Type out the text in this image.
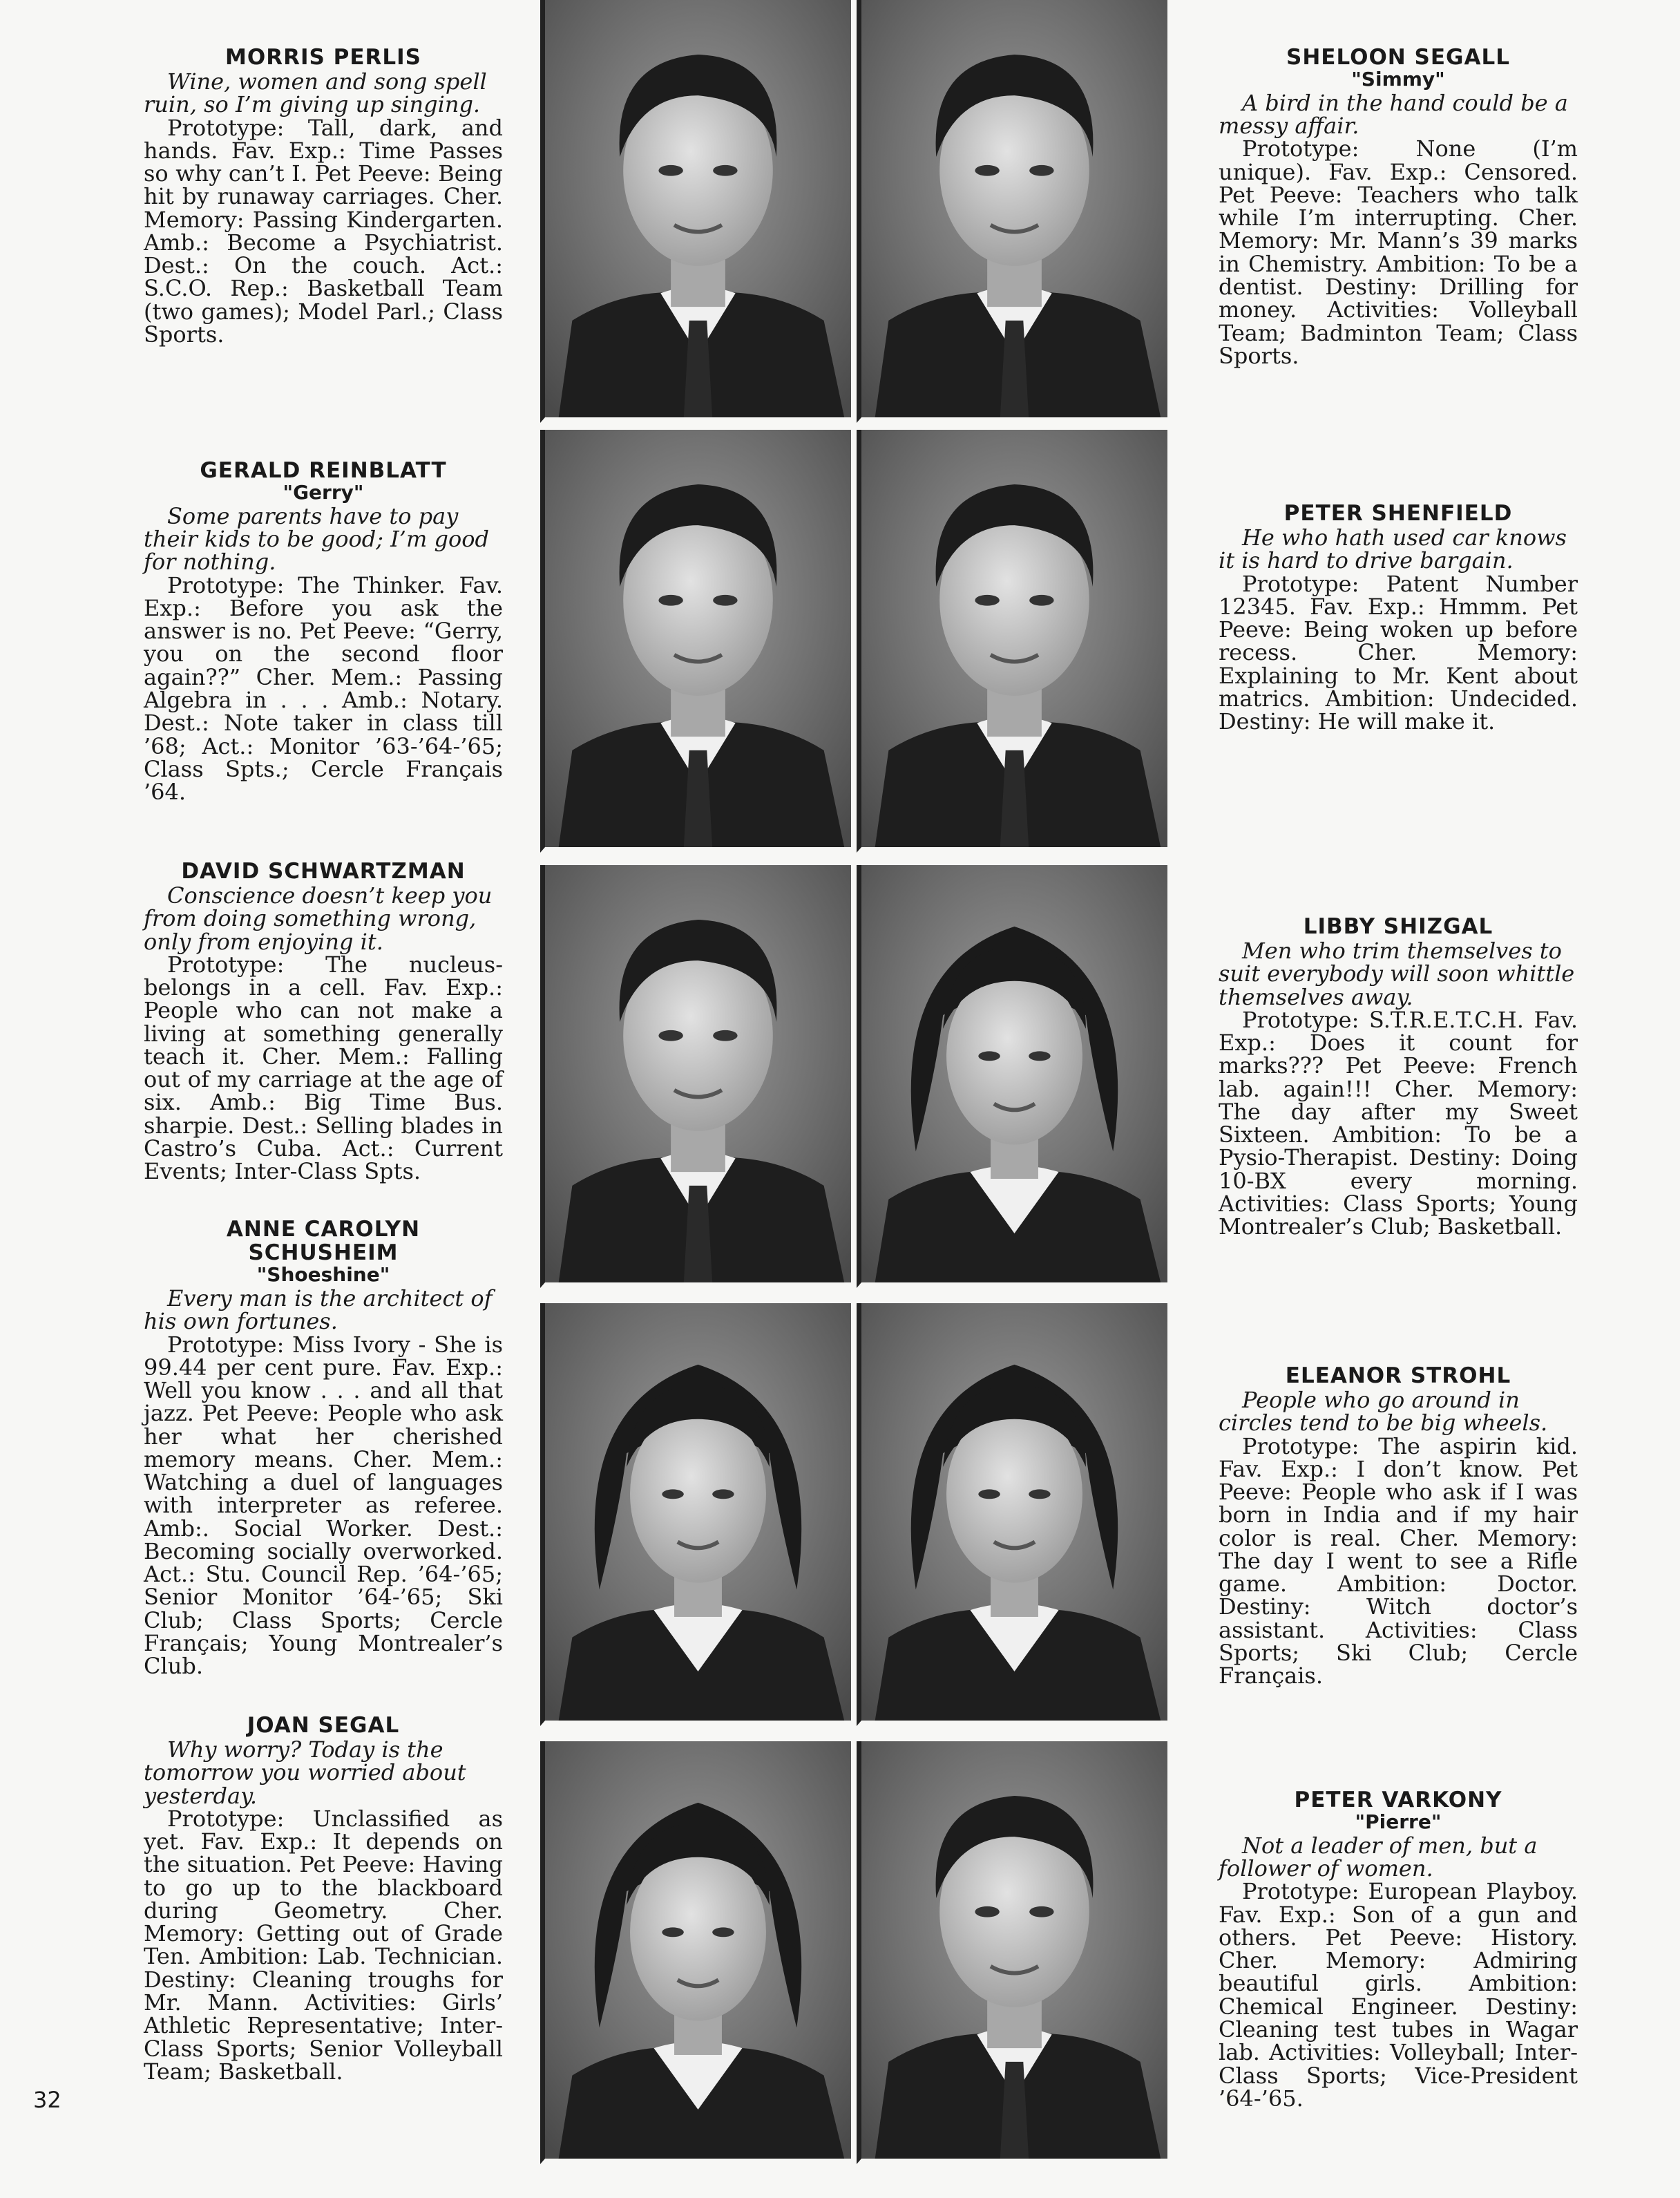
MORRIS PERLIS

Wine, women and song spell ruin, so I’m giving up singing.

Prototype: Tall, dark, and hands. Fav. Exp.: Time Passes so why can’t I. Pet Peeve: Being hit by runaway carriages. Cher. Memory: Passing Kindergarten. Amb.: Become a Psychiatrist. Dest.: On the couch. Act.: S.C.O. Rep.: Basketball Team (two games); Model Parl.; Class Sports.

GERALD REINBLATT
"Gerry"

Some parents have to pay their kids to be good; I’m good for nothing.

Prototype: The Thinker. Fav. Exp.: Before you ask the answer is no. Pet Peeve: “Gerry, you on the second floor again??” Cher. Mem.: Passing Algebra in . . . Amb.: Notary. Dest.: Note taker in class till ’68; Act.: Monitor ’63-’64-’65; Class Spts.; Cercle Français ’64.

DAVID SCHWARTZMAN

Conscience doesn’t keep you from doing something wrong, only from enjoying it.

Prototype: The nucleus-belongs in a cell. Fav. Exp.: People who can not make a living at something generally teach it. Cher. Mem.: Falling out of my carriage at the age of six. Amb.: Big Time Bus. sharpie. Dest.: Selling blades in Castro’s Cuba. Act.: Current Events; Inter-Class Spts.

ANNE CAROLYN SCHUSHEIM
"Shoeshine"

Every man is the architect of his own fortunes.

Prototype: Miss Ivory - She is 99.44 per cent pure. Fav. Exp.: Well you know . . . and all that jazz. Pet Peeve: People who ask her what her cherished memory means. Cher. Mem.: Watching a duel of languages with interpreter as referee. Amb:. Social Worker. Dest.: Becoming socially overworked. Act.: Stu. Council Rep. ’64-’65; Senior Monitor ’64-’65; Ski Club; Class Sports; Cercle Français; Young Montrealer’s Club.

JOAN SEGAL

Why worry? Today is the tomorrow you worried about yesterday.

Prototype: Unclassified as yet. Fav. Exp.: It depends on the situation. Pet Peeve: Having to go up to the blackboard during Geometry. Cher. Memory: Getting out of Grade Ten. Ambition: Lab. Technician. Destiny: Cleaning troughs for Mr. Mann. Activities: Girls’ Athletic Representative; Inter-Class Sports; Senior Volleyball Team; Basketball.

SHELOON SEGALL
"Simmy"

A bird in the hand could be a messy affair.

Prototype: None (I’m unique). Fav. Exp.: Censored. Pet Peeve: Teachers who talk while I’m interrupting. Cher. Memory: Mr. Mann’s 39 marks in Chemistry. Ambition: To be a dentist. Destiny: Drilling for money. Activities: Volleyball Team; Badminton Team; Class Sports.

PETER SHENFIELD

He who hath used car knows it is hard to drive bargain.

Prototype: Patent Number 12345. Fav. Exp.: Hmmm. Pet Peeve: Being woken up before recess. Cher. Memory: Explaining to Mr. Kent about matrics. Ambition: Undecided. Destiny: He will make it.

LIBBY SHIZGAL

Men who trim themselves to suit everybody will soon whittle themselves away.

Prototype: S.T.R.E.T.C.H. Fav. Exp.: Does it count for marks??? Pet Peeve: French lab. again!!! Cher. Memory: The day after my Sweet Sixteen. Ambition: To be a Pysio-Therapist. Destiny: Doing 10-BX every morning. Activities: Class Sports; Young Montrealer’s Club; Basketball.

ELEANOR STROHL

People who go around in circles tend to be big wheels.

Prototype: The aspirin kid. Fav. Exp.: I don’t know. Pet Peeve: People who ask if I was born in India and if my hair color is real. Cher. Memory: The day I went to see a Rifle game. Ambition: Doctor. Destiny: Witch doctor’s assistant. Activities: Class Sports; Ski Club; Cercle Français.

PETER VARKONY
"Pierre"

Not a leader of men, but a follower of women.

Prototype: European Playboy. Fav. Exp.: Son of a gun and others. Pet Peeve: History. Cher. Memory: Admiring beautiful girls. Ambition: Chemical Engineer. Destiny: Cleaning test tubes in Wagar lab. Activities: Volleyball; Inter-Class Sports; Vice-President ’64-’65.

32
